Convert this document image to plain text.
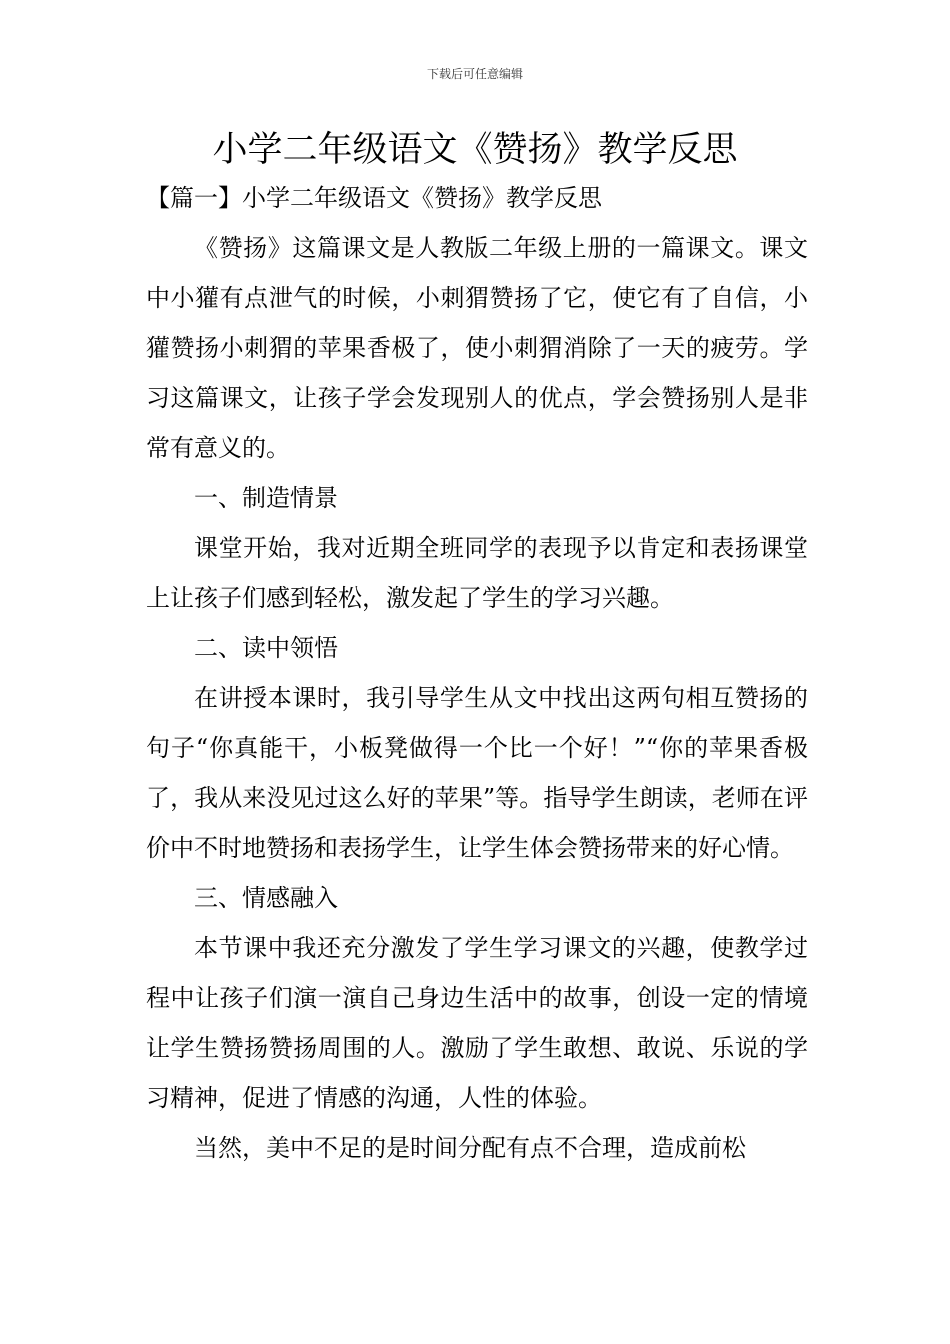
下载后可任意编辑
小学二年级语文《赞扬》教学反思

【篇一】小学二年级语文《赞扬》教学反思

《赞扬》这篇课文是人教版二年级上册的一篇课文。课文中小獾有点泄气的时候，小刺猬赞扬了它，使它有了自信，小獾赞扬小刺猬的苹果香极了，使小刺猬消除了一天的疲劳。学习这篇课文，让孩子学会发现别人的优点，学会赞扬别人是非常有意义的。

一、制造情景

课堂开始，我对近期全班同学的表现予以肯定和表扬课堂上让孩子们感到轻松，激发起了学生的学习兴趣。

二、读中领悟

在讲授本课时，我引导学生从文中找出这两句相互赞扬的句子“你真能干，小板凳做得一个比一个好！”“你的苹果香极了，我从来没见过这么好的苹果”等。指导学生朗读，老师在评价中不时地赞扬和表扬学生，让学生体会赞扬带来的好心情。

三、情感融入

本节课中我还充分激发了学生学习课文的兴趣，使教学过程中让孩子们演一演自己身边生活中的故事，创设一定的情境让学生赞扬赞扬周围的人。激励了学生敢想、敢说、乐说的学习精神，促进了情感的沟通，人性的体验。

当然，美中不足的是时间分配有点不合理，造成前松
